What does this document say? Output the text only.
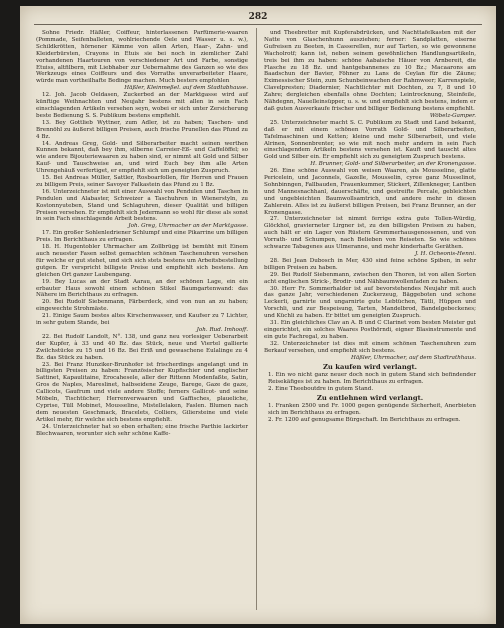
282

Sohne Friedr. Häßler, Coiffeur, hinterlassenen Parfümerie-waaren (Pommade, Seifenballeten, wohlriechende Oele und Wasser u. s. w.), Schildkrötten, hörnener Kämme von allen Arten, Haar-, Zahn- und Kleiderbürsten, Crayons in Etuis sie bei noch in ziemlicher Zahl vorhandenen Haartouren von verschiedener Art und Farbe, sonstige Etuiss, altfilbern, mit Liebhaber zur Uebernahme des Ganzen so wie des Werkzeugs eines Coiffeurs und des Vorraths unverarbeiteter Haare, würde man vortheilhafte Bedinge machen. Much besters empfohlen

Häßler, Kleinmeßel. auf dem Stadtabhause.

12. Joh. Jacob Oeldasen, Zuckerbed an der Marktgasse wird auf künftige Weihnachten und Neujahr bestens mit allen in sein Fach einschlagenden Artikeln versehen seyn, wobei er sich unter Zersicherung beste Bedienung S. S. Publikum bestens empfiehlt.

13. Bey Gottlieb Wyttner, zum Adler, ist zu haben; Taschen- und Brennöhl zu äußerst billigen Preisen, auch frische Prunellen das Pfund zu 4 Bz.

14. Andreas Greg, Gold- und Silberarbeiter macht seinen werthen Kunnen bekannt, daß bey ihm, silberne Carreier-Eß- und Caffelöffel; so wie andere Bijouteriewaaren zu haben sind, er nimmt alt Gold und Silber Kauf- und Tauschweise an, und wird Euch bey ihm alle Arten Uhrengehäuß verfertiget, er empfiehlt sich um geneigten Zuspruch.

15. Bei Andreas Müller, Sattler, Rosboarfollen, für Herren und Frauen zu billigem Preis, seiner Savoyer Falkastein das Pfund zu 1 Bz.

16. Unterzeichneter ist mit einer Auswahl von Pendulen und Taschen in Pendulen und Alabaster, Schweizer a Taschuhren in Wienerstyln, zu Kostonnyuteben, Stand und Schlaguhren, dieser Qualität und billigen Preisen versehen. Er empfiehlt sich Jedermann so wohl für diese als sonst in sein Fach einschlagende Arbeit bestens.

Joh. Greg, Uhrmacher an der Marktgasse.

17. Ein großer Sohlenledriener Schlumpf und eine Pikarrine um billigen Preis. Im Berichthaus zu erfragen.

18. H. Hugentobler Uhrmacher am Zollbrügg ist bemüht mit Einem auch neuester Fasen selbst gemachten schönen Taschenuhren versehen für welche er gut stehet, und sich sich stets bestens um Arbeitsbestellung gutgen. Er verspricht billigste Preise und empfiehlt sich bestens. Am gleichen Ort ganzer Laubengang.

19. Bey Lucas an der Stadt Aarau, an der schönen Lage, ein ein erbauter Haus sowohl einem schönen Stikel Baumgartenwand: das Nähere im Berichthaus zu erfragen.

20. Bei Rudolf Siebenmann, Färberdeck, sind von nun an zu haben; eingewechte Strohmäste.

21. Einige Saum bestes altes Kirschenwasser, und Kaufser zu 7 Lichter, in sehr gutem Stande, bei

Joh. Rud. Imhooff.

22. Bei Rudolf Landolt, N°. 138, und ganz neu vorlesiger Ueberarbeit der Kupfer, à 33 und 40 Bz. das Stück, neue und Viertel gallierte Zwilchstücke zu 15 und 16 Bz. Bei Eriß und gewaschene Eulalinge zu 4 Bz. das Stück zu haben.

23. Bei Franz Hunziker-Brunhofer ist frischerdings angelangt und in billigsten Preisen zu haben: Französischer Kupfischier und englischer Sattinet, Kapaulitaine, Erocahesele, aller der Rittenn Modenfaßte, Satin, Gros de Naples, Mareslinet, halbseidene Zeuge, Barege, Gaze de gaze, Callicots, Gaufrum und viele andere Stoffe; ferners Gallicot- und seine Möbeln, Tischtücher; Herrenverwaaren und Gaffisches, plaueliche, Cyprise, Tüll Mobinet, Mousseline, Mistellelaken, Faslen. Blumen nach dem neuesten Geschmack, Bracelets, Colliers, Giliersteine und viele Artikel mehr, für welche sich bestens empfiehlt.

24. Unterzeichneter hat so eben erhalten; eine frische Parthie lackirter Blechwaaren, worunter sich sehr schöne Kaffe-

und Theebretter mit Kupferabdrücken, und Nachttafelkasten mit der Natte von Glaschenhunn ausziehen; ferner: Sandplatten, eiserne Gufreisen zu Beeten, in Casserellen, nur auf Tarten, so wie gewonnene Wacholrotf; kann ist, neben seinem gewöhnlichen Handlungsartikeln, treis bei ihm zu haben: schöne Aabaische Häuer von Arnbereit, die Flasche zu 18 Bz. und hantgebannenes zu 10 Bz.; Macaarons am Baadschun der Bavier, Föhner zu Lans de Ceylan für die Zäune; Eximessischer Stein, zum Schunbeinwachen der Rahmweer; Karrenspiele, Clavelpresten; Diadernier, Nachtlichter mit Dochten, zu 7, 8 und 10 Zahre; dergleichen ebenfalls ohne Dochten; Leintrocknung, Steinfeile, Nähdegnn, Nauelleinsüpper, u. s. w. und empfiehlt sich bestens, indem er daß guten Ausverkaufe frischer und billiger Bedienung bestens empfiehlt.

Wöbelz-Gamper.

25. Unterzeichneter macht S. C. Publikum zu Stadt und Land bekannt, daß er mit einem schönen Vorrath Gold- und Silberarbeiten, Tafelmaschinen und Ketten; kleine und mehr Silberarbeit, und viele Alrinen, Sonnenbrenter, so wie mit noch mehr andern in sein Fach einschlagendem Artikeln bestens versehen ist. Kauft und tauscht altes Gold und Silber ein. Er empfiehlt sich zu geneigtem Zuspruch bestens.

H. Brunner, Gold- und Silberarbeiter, an der Kronengasse.

26. Eine schöne Auswahl von weisen Waaren, als Mousseline, glatte Pericelein, und Jaconnels, Gazelle, Mousselin, cyree ganz Musselinot, Sohnbinngen, Fallbauden, Frauenkummer, Stickert, Zillenkneger, Lantben und Mannesnachhanl, dauerschäfte, und gestreifte Percale, gebleichten und ungebleichten Baumwollsamtrich, und andere mehr in diesen Zahlerein. Alles ist zu äußerst billigen Preisen, bei Franz Brunner, an der Kronengasse.

27. Unterzeichneter ist nimmt ferrige extra gute Tollen-Würdig, Glöckhol, gravierneter Lirgner ist, zu den billigsten Preisen zu haben, auch hält er ein Lager von Rüstern Gremmerhausgenossenen, und von Vorrath- und Schumpen, nach Belieben von Reiseten. So wie schönes schwarze Tabagenes aus Ulmeranne, und mehr kinderhafte Geräthen.

J. H. Ocheonis-Henni.

28. Bei Jean Dubosch in Mer, 430 sind feine schöne Spiben, in sehr billigen Preisen zu haben.

29. Bei Rudolf Siebenmann, zwischen den Thoren, ist von allen Sorten acht englischen Strick-, Brodir- und Nähbaumwollenfaden zu haben.

30. Herr Fr. Sommerhalder ist auf bevorstehendes Neujahr mit auch das ganze Jahr, verschiedenen Zuckerzeug, Bäggeboten und schone Leckerli, garnirte und ungarnirte gute Lebtüchen, Tätli, Hüppen und Vorschli, und zur Bespeisung, Tarten, Mandelbrod, Bandelgebeckenes; und Küchli zu haben. Er bittet um geneigten Zuspruch.

31. Ein gleichliches Clav an A. B und C Clarinet vom besten Meister gut eingerichtet, ein solches Waares Posthörndi, eigner Blasinstrumente und ein gute Fachregal, zu haben.

32. Unterzeichneter ist dies mit einem schönen Taschenuhren zum Berkauf versehen, und empfiehlt sich bestens.

Häßler, Uhrmacher, auf dem Stadtrathhaus.

Zu kaufen wird verlangt.

1. Ein wo nicht ganz neuer doch noch in gutem Stand sich befindender Reisekäfiges ist zu haben. Im Berichthaus zu erfragen.

2. Eine Theeboutdre in gutem Stand.

Zu entlehnen wird verlangt.

1. Franken 2500 und Fr. 1000 gegen genügende Sicherheit, Anerbieten sich im Berichthaus zu erfragen.

2. Fr. 1200 auf genugsame Bürgschaft. Im Berichthaus zu erfragen.
